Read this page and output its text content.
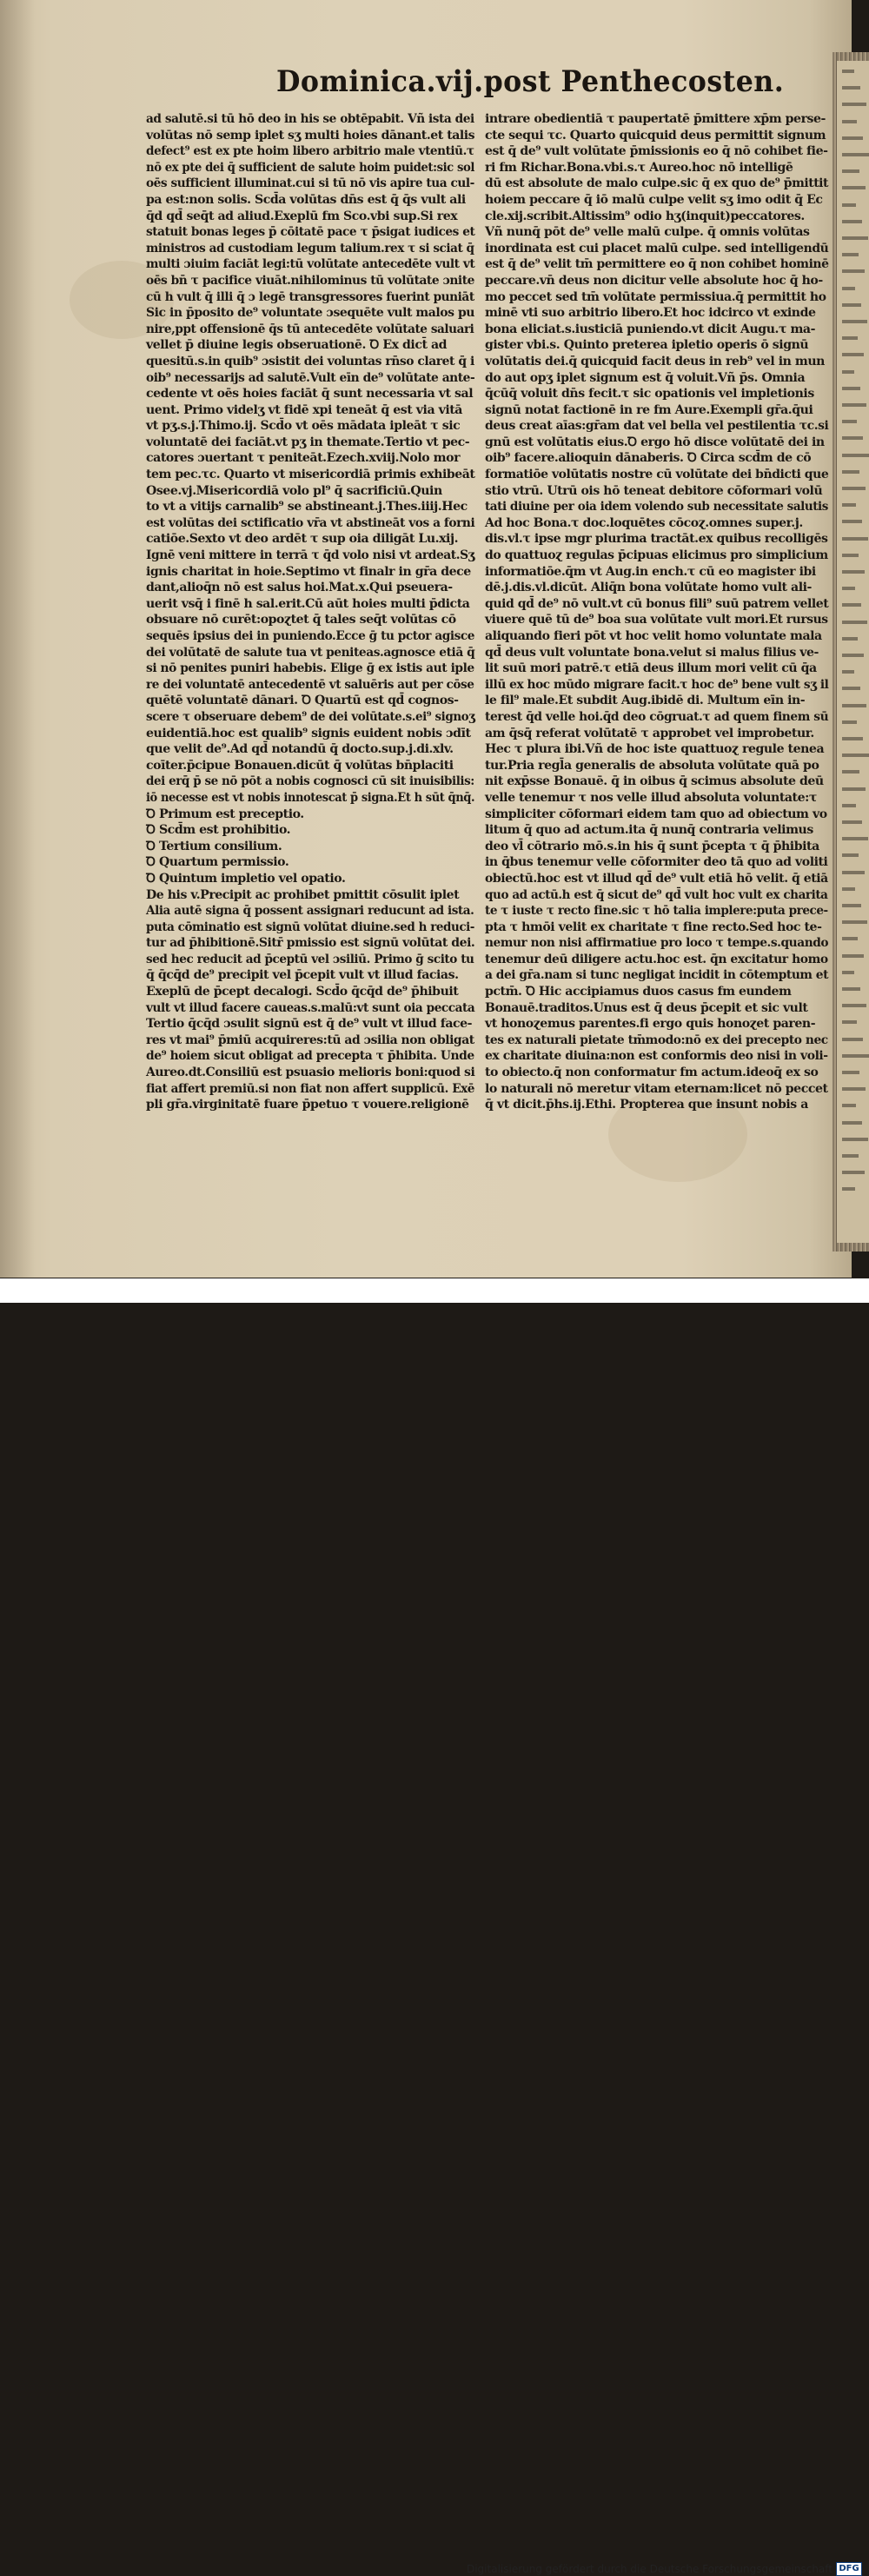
Dominica.vij.post Penthecosten.
ad salutē.si tū hō deo in his se obtēpabit. Vñ ista dei
volūtas nō semp iplet sʒ multi hoies dānant.et talis
defect⁹ est ex pte hoim libero arbitrio male vtentiū.τ
nō ex pte dei q̄ sufficient de salute hoim puidet:sic sol
oēs sufficient illuminat.cui si tū nō vis apire tua cul-
pa est:non solis. Scd̄a volūtas dn̄s est q̄ q̄s vult ali
q̄d qd̄ seq̄t ad aliud.Exeplū fm Sco.vbi sup.Si rex
statuit bonas leges p̄ cōitatē pace τ p̄sigat iudices et
ministros ad custodiam legum talium.rex τ si sciat q̄
multi ɔiuim faciāt legi:tū volūtate antecedēte vult vt
oēs bn̄ τ pacifice viuāt.nihilominus tū volūtate ɔnite
cū h vult q̄ illi q̄ ɔ legē transgressores fuerint puniāt
Sic in p̄posito de⁹ voluntate ɔsequēte vult malos pu
nire,ppt offensionē q̄s tū antecedēte volūtate saluari
vellet p̄ diuine legis obseruationē. Ꝺ Ex dict̄ ad
quesitū.s.in quib⁹ ɔsistit dei voluntas rn̄so claret q̄ i
oib⁹ necessarijs ad salutē.Vult eīn de⁹ volūtate ante-
cedente vt oēs hoies faciāt q̄ sunt necessaria vt sal
uent. Primo videlʒ vt fidē xpi teneāt q̄ est via vitā
vt pʒ.s.j.Thimo.ij. Scd̄o vt oēs mādata ipleāt τ sic
voluntatē dei faciāt.vt pʒ in themate.Tertio vt pec-
catores ɔuertant τ peniteāt.Ezech.xviij.Nolo mor
tem pec.τc. Quarto vt misericordiā primis exhibeāt
Osee.vj.Misericordiā volo pl⁹ q̄ sacrificiū.Quin
to vt a vitijs carnalib⁹ se abstineant.j.Thes.iiij.Hec
est volūtas dei sctificatio vr̄a vt abstineāt vos a forni
catiōe.Sexto vt deo ardēt τ sup oia diligāt Lu.xij.
Ignē veni mittere in terrā τ q̄d volo nisi vt ardeat.Sʒ
ignis charitat in hoie.Septimo vt finalr in gr̄a dece
dant,alioq̄n nō est salus hoi.Mat.x.Qui pseuera-
uerit vsq̄ i finē h sal.erit.Cū aūt hoies multi p̄dicta
obsuare nō curēt:opoɀtet q̄ tales seq̄t volūtas cō
sequēs ipsius dei in puniendo.Ecce ḡ tu pctor agisce
dei volūtatē de salute tua vt peniteas.agnosce etiā q̄
si nō penites puniri habebis. Elige ḡ ex istis aut iple
re dei voluntatē antecedentē vt saluēris aut per cōse
quētē voluntatē dānari. Ꝺ Quartū est qd̄ cognos-
scere τ obseruare debem⁹ de dei volūtate.s.ei⁹ signoʒ
euidentiā.hoc est qualib⁹ signis euident nobis ɔdīt
que velit de⁹.Ad qd̄ notandū q̄ docto.sup.j.di.xlv.
coīter.p̄cipue Bonauen.dicūt q̄ volūtas bn̄placiti
dei erq̄ p̄ se nō pōt a nobis cognosci cū sit inuisibilis:
iō necesse est vt nobis innotescat p̄ signa.Et h sūt q̄nq̄.
Ꝺ Primum est preceptio.
Ꝺ Scd̄m est prohibitio.
Ꝺ Tertium consilium.
Ꝺ Quartum permissio.
Ꝺ Quintum impletio vel opatio.
De his v.Precipit ac prohibet pmittit cōsulit iplet
Alia autē signa q̄ possent assignari reducunt ad ista.
puta cōminatio est signū volūtat diuine.sed h reduci-
tur ad p̄hibitionē.Sitr̄ pmissio est signū volūtat dei.
sed hec reducit ad p̄ceptū vel ɔsiliū. Primo ḡ scito tu
q̄ q̄cq̄d de⁹ precipit vel p̄cepit vult vt illud facias.
Exeplū de p̄cept decalogi. Scd̄o q̄cq̄d de⁹ p̄hibuit
vult vt illud facere caueas.s.malū:vt sunt oia peccata
Tertio q̄cq̄d ɔsulit signū est q̄ de⁹ vult vt illud face-
res vt mai⁹ p̄miū acquireres:tū ad ɔsilia non obligat
de⁹ hoiem sicut obligat ad precepta τ p̄hibita. Unde
Aureo.dt.Consiliū est psuasio melioris boni:quod si
fiat affert premiū.si non fiat non affert supplicū. Exē
pli gr̄a.virginitatē fuare p̄petuo τ vouere.religionē
intrare obedientiā τ paupertatē p̄mittere xp̄m perse-
cte sequi τc. Quarto quicquid deus permittit signum
est q̄ de⁹ vult volūtate p̄missionis eo q̄ nō cohibet fie-
ri fm Richar.Bona.vbi.s.τ Aureo.hoc nō intelligē
dū est absolute de malo culpe.sic q̄ ex quo de⁹ p̄mittit
hoiem peccare q̄ iō malū culpe velit sʒ imo odit q̄ Ec
cle.xij.scribit.Altissim⁹ odio hʒ(inquit)peccatores.
Vñ nunq̄ pōt de⁹ velle malū culpe. q̄ omnis volūtas
inordinata est cui placet malū culpe. sed intelligendū
est q̄ de⁹ velit tm̄ permittere eo q̄ non cohibet hominē
peccare.vn̄ deus non dicitur velle absolute hoc q̄ ho-
mo peccet sed tm̄ volūtate permissiua.q̄ permittit ho
minē vti suo arbitrio libero.Et hoc idcirco vt exinde
bona eliciat.s.iusticiā puniendo.vt dicit Augu.τ ma-
gister vbi.s. Quinto preterea ipletio operis ō signū
volūtatis dei.q̄ quicquid facit deus in reb⁹ vel in mun
do aut opʒ iplet signum est q̄ voluit.Vñ p̄s. Omnia
q̄cūq̄ voluit dn̄s fecit.τ sic opationis vel impletionis
signū notat factionē in re fm Aure.Exempli gr̄a.q̄ui
deus creat aīas:gr̄am dat vel bella vel pestilentia τc.si
gnū est volūtatis eius.Ꝺ ergo hō disce volūtatē dei in
oib⁹ facere.alioquin dānaberis. Ꝺ Circa scd̄m de cō
formatiōe volūtatis nostre cū volūtate dei bn̄dicti que
stio vtrū. Utrū ois hō teneat debitore cōformari volū
tati diuine per oia idem volendo sub necessitate salutis
Ad hoc Bona.τ doc.loquētes cōcoɀ.omnes super.j.
dis.vl.τ ipse mgr plurima tractāt.ex quibus recolligēs
do quattuoɀ regulas p̄cipuas elicimus pro simplicium
informatiōe.q̄m vt Aug.in ench.τ cū eo magister ibi
dē.j.dis.vl.dicūt. Aliq̄n bona volūtate homo vult ali-
quid qd̄ de⁹ nō vult.vt cū bonus fili⁹ suū patrem vellet
viuere quē tū de⁹ boa sua volūtate vult mori.Et rursus
aliquando fieri pōt vt hoc velit homo voluntate mala
qd̄ deus vult voluntate bona.velut si malus filius ve-
lit suū mori patrē.τ etiā deus illum mori velit cū q̄a
illū ex hoc mūdo migrare facit.τ hoc de⁹ bene vult sʒ il
le fil⁹ male.Et subdit Aug.ibidē di. Multum eīn in-
terest q̄d velle hoi.q̄d deo cōgruat.τ ad quem finem sū
am q̄sq̄ referat volūtatē τ approbet vel improbetur.
Hec τ plura ibi.Vñ de hoc iste quattuoɀ regule tenea
tur.Pria regl̄a generalis de absoluta volūtate quā po
nit exp̄sse Bonauē. q̄ in oibus q̄ scimus absolute deū
velle tenemur τ nos velle illud absoluta voluntate:τ
simpliciter cōformari eidem tam quo ad obiectum vo
litum q̄ quo ad actum.ita q̄ nunq̄ contraria velimus
deo vl̄ cōtrario mō.s.in his q̄ sunt p̄cepta τ q̄ p̄hibita
in q̄bus tenemur velle cōformiter deo tā quo ad voliti
obiectū.hoc est vt illud qd̄ de⁹ vult etiā hō velit. q̄ etiā
quo ad actū.h est q̄ sicut de⁹ qd̄ vult hoc vult ex charita
te τ iuste τ recto fine.sic τ hō talia implere:puta prece-
pta τ hmōi velit ex charitate τ fine recto.Sed hoc te-
nemur non nisi affirmatiue pro loco τ tempe.s.quando
tenemur deū diligere actu.hoc est. q̄n excitatur homo
a dei gr̄a.nam si tunc negligat incidit in cōtemptum et
pctm̄. Ꝺ Hic accipiamus duos casus fm eundem
Bonauē.traditos.Unus est q̄ deus p̄cepit et sic vult
vt honoɀemus parentes.fi ergo quis honoɀet paren-
tes ex naturali pietate tm̄modo:nō ex dei precepto nec
ex charitate diuina:non est conformis deo nisi in voli-
to obiecto.q̄ non conformatur fm actum.ideoq̄ ex so
lo naturali nō meretur vitam eternam:licet nō peccet
q̄ vt dicit.p̄hs.ij.Ethi. Propterea que insunt nobis a
Digitalisierung gefördert durch die Deutsche Forschungsgemeinschaft DFG
